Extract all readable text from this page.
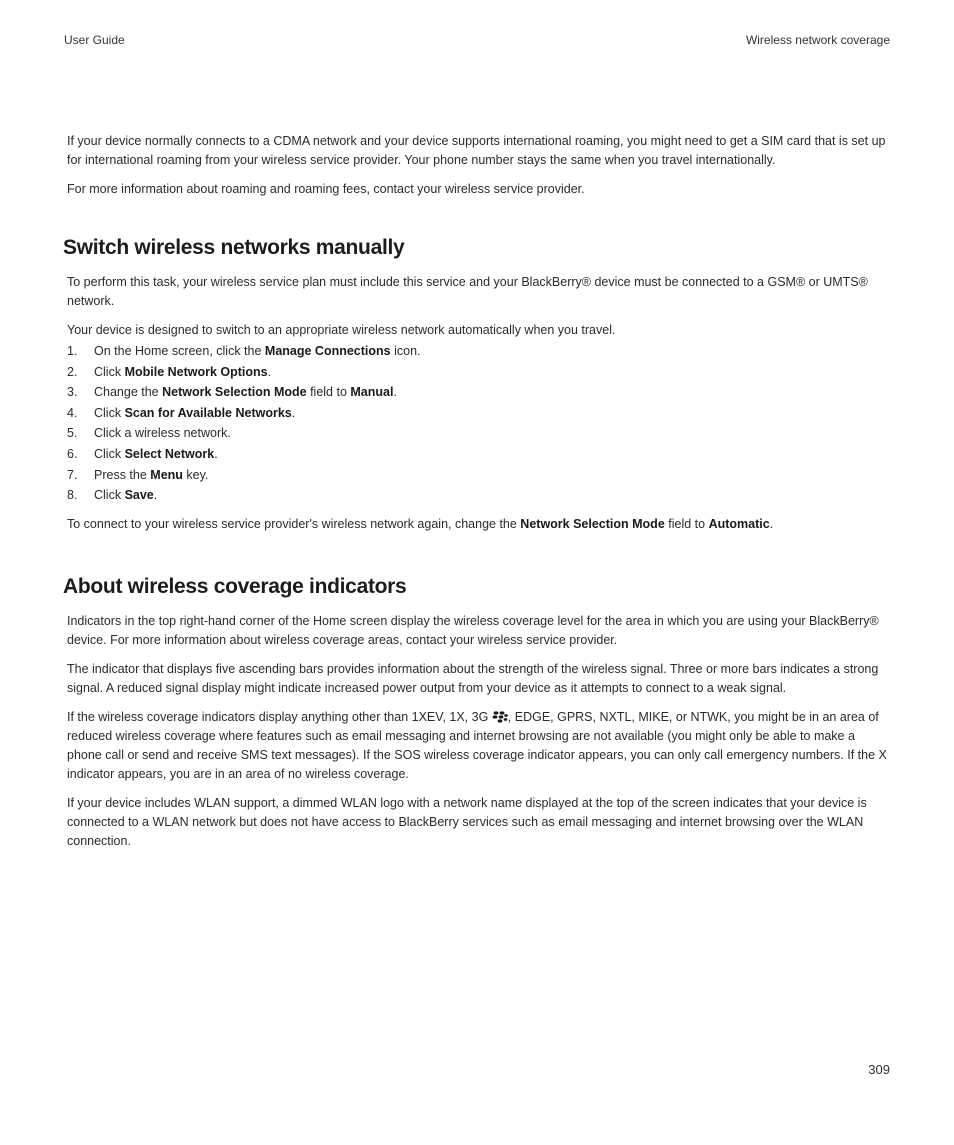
User Guide	Wireless network coverage

If your device normally connects to a CDMA network and your device supports international roaming, you might need to get a SIM card that is set up for international roaming from your wireless service provider. Your phone number stays the same when you travel internationally.

For more information about roaming and roaming fees, contact your wireless service provider.

Switch wireless networks manually

To perform this task, your wireless service plan must include this service and your BlackBerry® device must be connected to a GSM® or UMTS® network.

Your device is designed to switch to an appropriate wireless network automatically when you travel.

1.	On the Home screen, click the Manage Connections icon.
2.	Click Mobile Network Options.
3.	Change the Network Selection Mode field to Manual.
4.	Click Scan for Available Networks.
5.	Click a wireless network.
6.	Click Select Network.
7.	Press the Menu key.
8.	Click Save.

To connect to your wireless service provider's wireless network again, change the Network Selection Mode field to Automatic.

About wireless coverage indicators

Indicators in the top right-hand corner of the Home screen display the wireless coverage level for the area in which you are using your BlackBerry® device. For more information about wireless coverage areas, contact your wireless service provider.

The indicator that displays five ascending bars provides information about the strength of the wireless signal. Three or more bars indicates a strong signal. A reduced signal display might indicate increased power output from your device as it attempts to connect to a weak signal.

If the wireless coverage indicators display anything other than 1XEV, 1X, 3G , EDGE, GPRS, NXTL, MIKE, or NTWK, you might be in an area of reduced wireless coverage where features such as email messaging and internet browsing are not available (you might only be able to make a phone call or send and receive SMS text messages). If the SOS wireless coverage indicator appears, you can only call emergency numbers. If the X indicator appears, you are in an area of no wireless coverage.

If your device includes WLAN support, a dimmed WLAN logo with a network name displayed at the top of the screen indicates that your device is connected to a WLAN network but does not have access to BlackBerry services such as email messaging and internet browsing over the WLAN connection.

309
